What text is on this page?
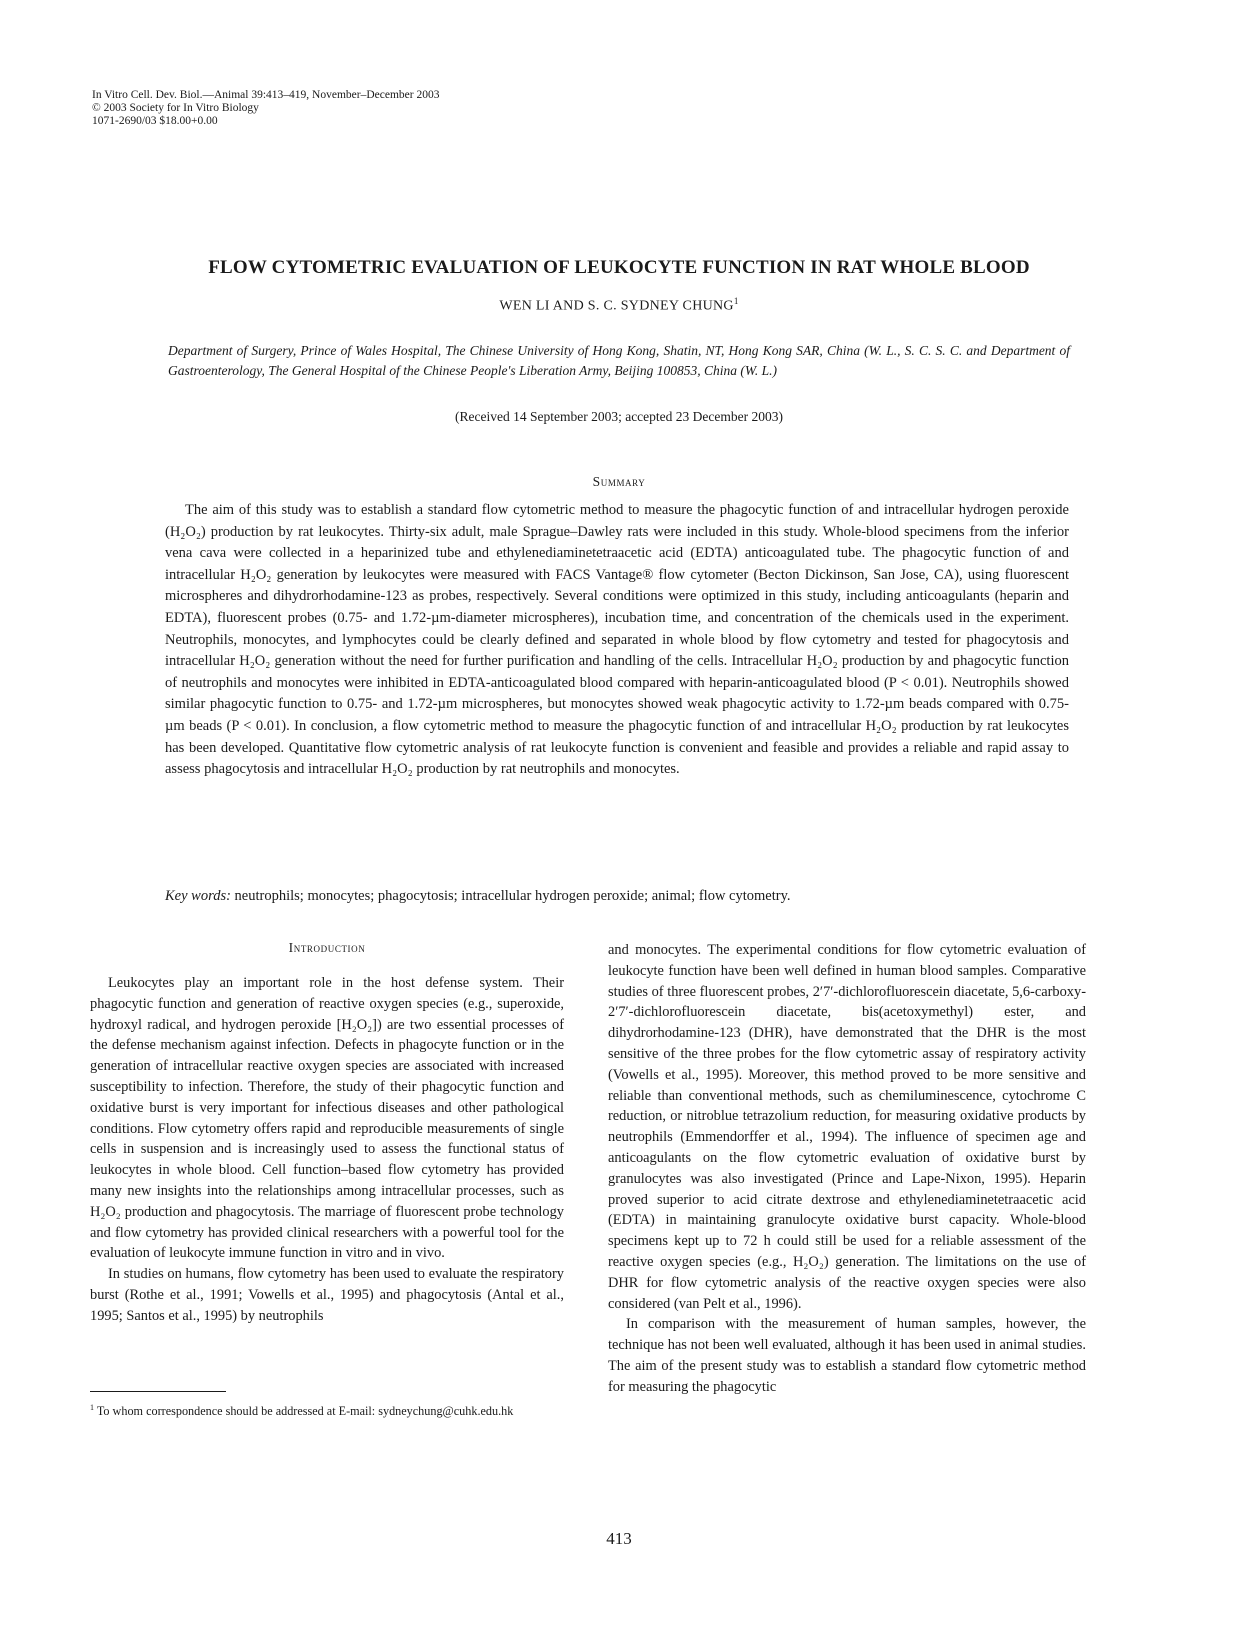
In Vitro Cell. Dev. Biol.—Animal 39:413–419, November–December 2003
© 2003 Society for In Vitro Biology
1071-2690/03 $18.00+0.00
FLOW CYTOMETRIC EVALUATION OF LEUKOCYTE FUNCTION IN RAT WHOLE BLOOD
WEN LI AND S. C. SYDNEY CHUNG$^1$
Department of Surgery, Prince of Wales Hospital, The Chinese University of Hong Kong, Shatin, NT, Hong Kong SAR, China (W. L., S. C. S. C. and Department of Gastroenterology, The General Hospital of the Chinese People's Liberation Army, Beijing 100853, China (W. L.)
(Received 14 September 2003; accepted 23 December 2003)
Summary

The aim of this study was to establish a standard flow cytometric method to measure the phagocytic function of and intracellular hydrogen peroxide (H₂O₂) production by rat leukocytes. Thirty-six adult, male Sprague–Dawley rats were included in this study. Whole-blood specimens from the inferior vena cava were collected in a heparinized tube and ethylenediaminetetraacetic acid (EDTA) anticoagulated tube. The phagocytic function of and intracellular H₂O₂ generation by leukocytes were measured with FACS Vantage® flow cytometer (Becton Dickinson, San Jose, CA), using fluorescent microspheres and dihydrorhodamine-123 as probes, respectively. Several conditions were optimized in this study, including anticoagulants (heparin and EDTA), fluorescent probes (0.75- and 1.72-µm-diameter microspheres), incubation time, and concentration of the chemicals used in the experiment. Neutrophils, monocytes, and lymphocytes could be clearly defined and separated in whole blood by flow cytometry and tested for phagocytosis and intracellular H₂O₂ generation without the need for further purification and handling of the cells. Intracellular H₂O₂ production by and phagocytic function of neutrophils and monocytes were inhibited in EDTA-anticoagulated blood compared with heparin-anticoagulated blood (P < 0.01). Neutrophils showed similar phagocytic function to 0.75- and 1.72-µm microspheres, but monocytes showed weak phagocytic activity to 1.72-µm beads compared with 0.75-µm beads (P < 0.01). In conclusion, a flow cytometric method to measure the phagocytic function of and intracellular H₂O₂ production by rat leukocytes has been developed. Quantitative flow cytometric analysis of rat leukocyte function is convenient and feasible and provides a reliable and rapid assay to assess phagocytosis and intracellular H₂O₂ production by rat neutrophils and monocytes.

Key words: neutrophils; monocytes; phagocytosis; intracellular hydrogen peroxide; animal; flow cytometry.
Introduction

Leukocytes play an important role in the host defense system. Their phagocytic function and generation of reactive oxygen species (e.g., superoxide, hydroxyl radical, and hydrogen peroxide [H₂O₂]) are two essential processes of the defense mechanism against infection. Defects in phagocyte function or in the generation of intracellular reactive oxygen species are associated with increased susceptibility to infection. Therefore, the study of their phagocytic function and oxidative burst is very important for infectious diseases and other pathological conditions. Flow cytometry offers rapid and reproducible measurements of single cells in suspension and is increasingly used to assess the functional status of leukocytes in whole blood. Cell function–based flow cytometry has provided many new insights into the relationships among intracellular processes, such as H₂O₂ production and phagocytosis. The marriage of fluorescent probe technology and flow cytometry has provided clinical researchers with a powerful tool for the evaluation of leukocyte immune function in vitro and in vivo.

In studies on humans, flow cytometry has been used to evaluate the respiratory burst (Rothe et al., 1991; Vowells et al., 1995) and phagocytosis (Antal et al., 1995; Santos et al., 1995) by neutrophils

$^1$ To whom correspondence should be addressed at E-mail: sydneychung@cuhk.edu.hk

and monocytes. The experimental conditions for flow cytometric evaluation of leukocyte function have been well defined in human blood samples. Comparative studies of three fluorescent probes, 2′7′-dichlorofluorescein diacetate, 5,6-carboxy-2′7′-dichlorofluorescein diacetate, bis(acetoxymethyl) ester, and dihydrorhodamine-123 (DHR), have demonstrated that the DHR is the most sensitive of the three probes for the flow cytometric assay of respiratory activity (Vowells et al., 1995). Moreover, this method proved to be more sensitive and reliable than conventional methods, such as chemiluminescence, cytochrome C reduction, or nitroblue tetrazolium reduction, for measuring oxidative products by neutrophils (Emmendorffer et al., 1994). The influence of specimen age and anticoagulants on the flow cytometric evaluation of oxidative burst by granulocytes was also investigated (Prince and Lape-Nixon, 1995). Heparin proved superior to acid citrate dextrose and ethylenediaminetetraacetic acid (EDTA) in maintaining granulocyte oxidative burst capacity. Whole-blood specimens kept up to 72 h could still be used for a reliable assessment of the reactive oxygen species (e.g., H₂O₂) generation. The limitations on the use of DHR for flow cytometric analysis of the reactive oxygen species were also considered (van Pelt et al., 1996).

In comparison with the measurement of human samples, however, the technique has not been well evaluated, although it has been used in animal studies. The aim of the present study was to establish a standard flow cytometric method for measuring the phagocytic

413
